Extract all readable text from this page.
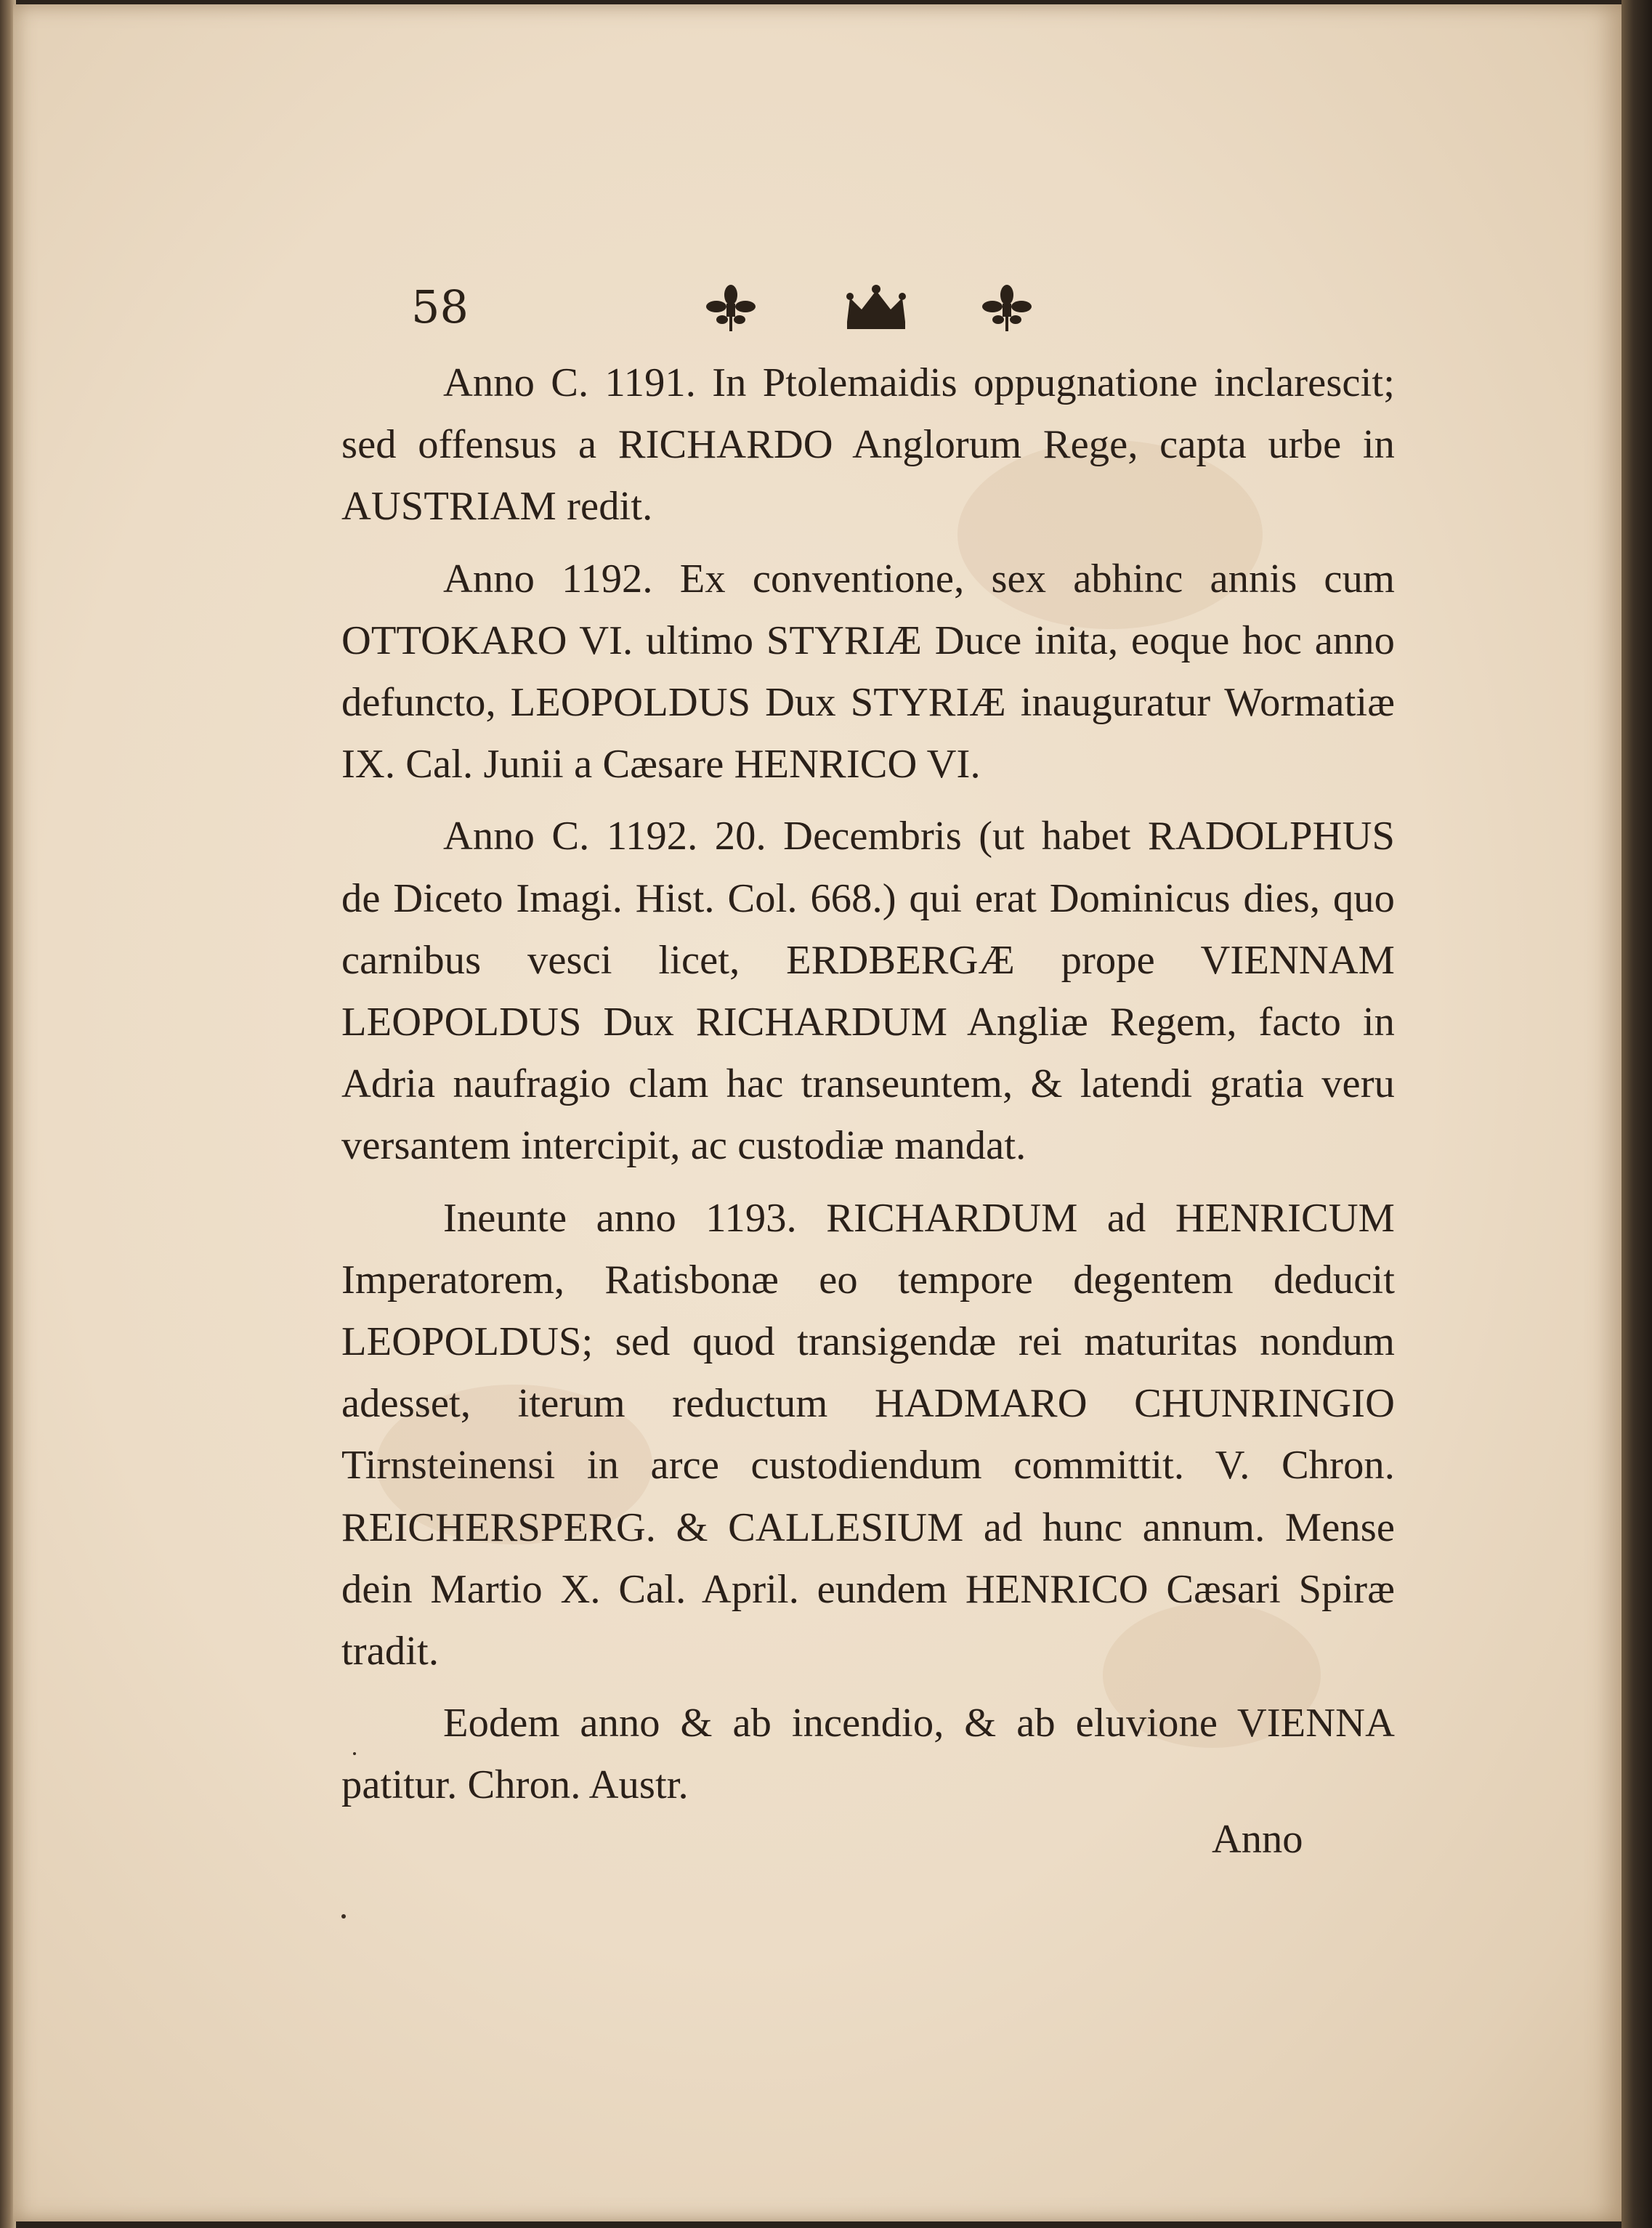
58

Anno C. 1191. In Ptolemaidis oppugnatione inclarescit; sed offensus a RICHARDO Anglorum Rege, capta urbe in AUSTRIAM redit.

Anno 1192. Ex conventione, sex abhinc annis cum OTTOKARO VI. ultimo STYRIÆ Duce inita, eoque hoc anno defuncto, LEOPOLDUS Dux STYRIÆ inauguratur Wormatiæ IX. Cal. Junii a Cæsare HENRICO VI.

Anno C. 1192. 20. Decembris (ut habet RADOLPHUS de Diceto Imagi. Hist. Col. 668.) qui erat Dominicus dies, quo carnibus vesci licet, ERDBERGÆ prope VIENNAM LEOPOLDUS Dux RICHARDUM Angliæ Regem, facto in Adria naufragio clam hac transeuntem, & latendi gratia veru versantem intercipit, ac custodiæ mandat.

Ineunte anno 1193. RICHARDUM ad HENRICUM Imperatorem, Ratisbonæ eo tempore degentem deducit LEOPOLDUS; sed quod transigendæ rei maturitas nondum adesset, iterum reductum HADMARO CHUNRINGIO Tirnsteinensi in arce custodiendum committit. V. Chron. REICHERSPERG. & CALLESIUM ad hunc annum. Mense dein Martio X. Cal. April. eundem HENRICO Cæsari Spiræ tradit.

Eodem anno & ab incendio, & ab eluvione VIENNA patitur. Chron. Austr.

Anno
